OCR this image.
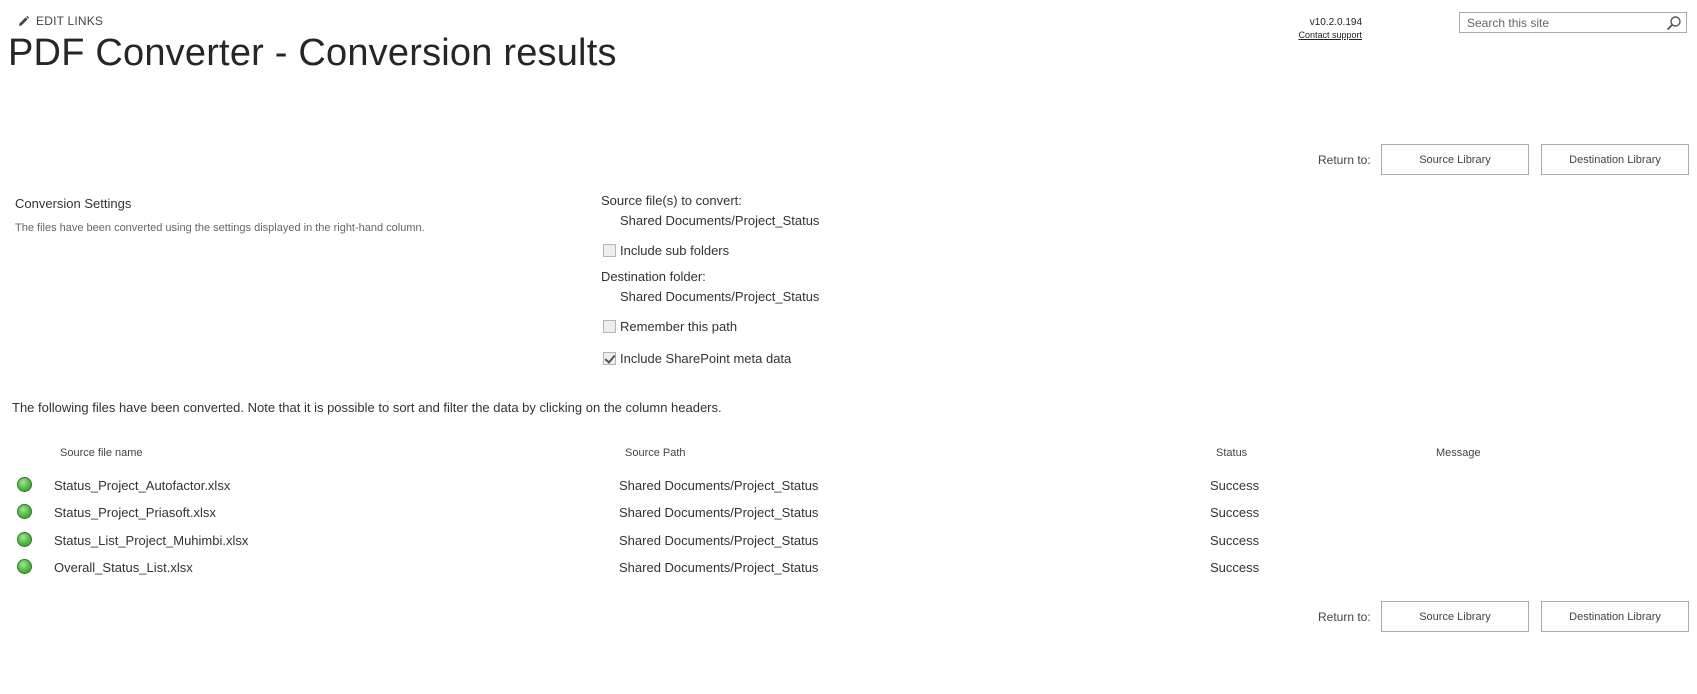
EDIT LINKS
PDF Converter - Conversion results
v10.2.0.194
Contact support
Search this site
Return to:	Source Library	Destination Library
Conversion Settings
The files have been converted using the settings displayed in the right-hand column.
Source file(s) to convert:
Shared Documents/Project_Status
Include sub folders
Destination folder:
Shared Documents/Project_Status
Remember this path
Include SharePoint meta data
The following files have been converted. Note that it is possible to sort and filter the data by clicking on the column headers.
Source file name	Source Path	Status	Message
Status_Project_Autofactor.xlsx	Shared Documents/Project_Status	Success
Status_Project_Priasoft.xlsx	Shared Documents/Project_Status	Success
Status_List_Project_Muhimbi.xlsx	Shared Documents/Project_Status	Success
Overall_Status_List.xlsx	Shared Documents/Project_Status	Success
Return to:	Source Library	Destination Library
